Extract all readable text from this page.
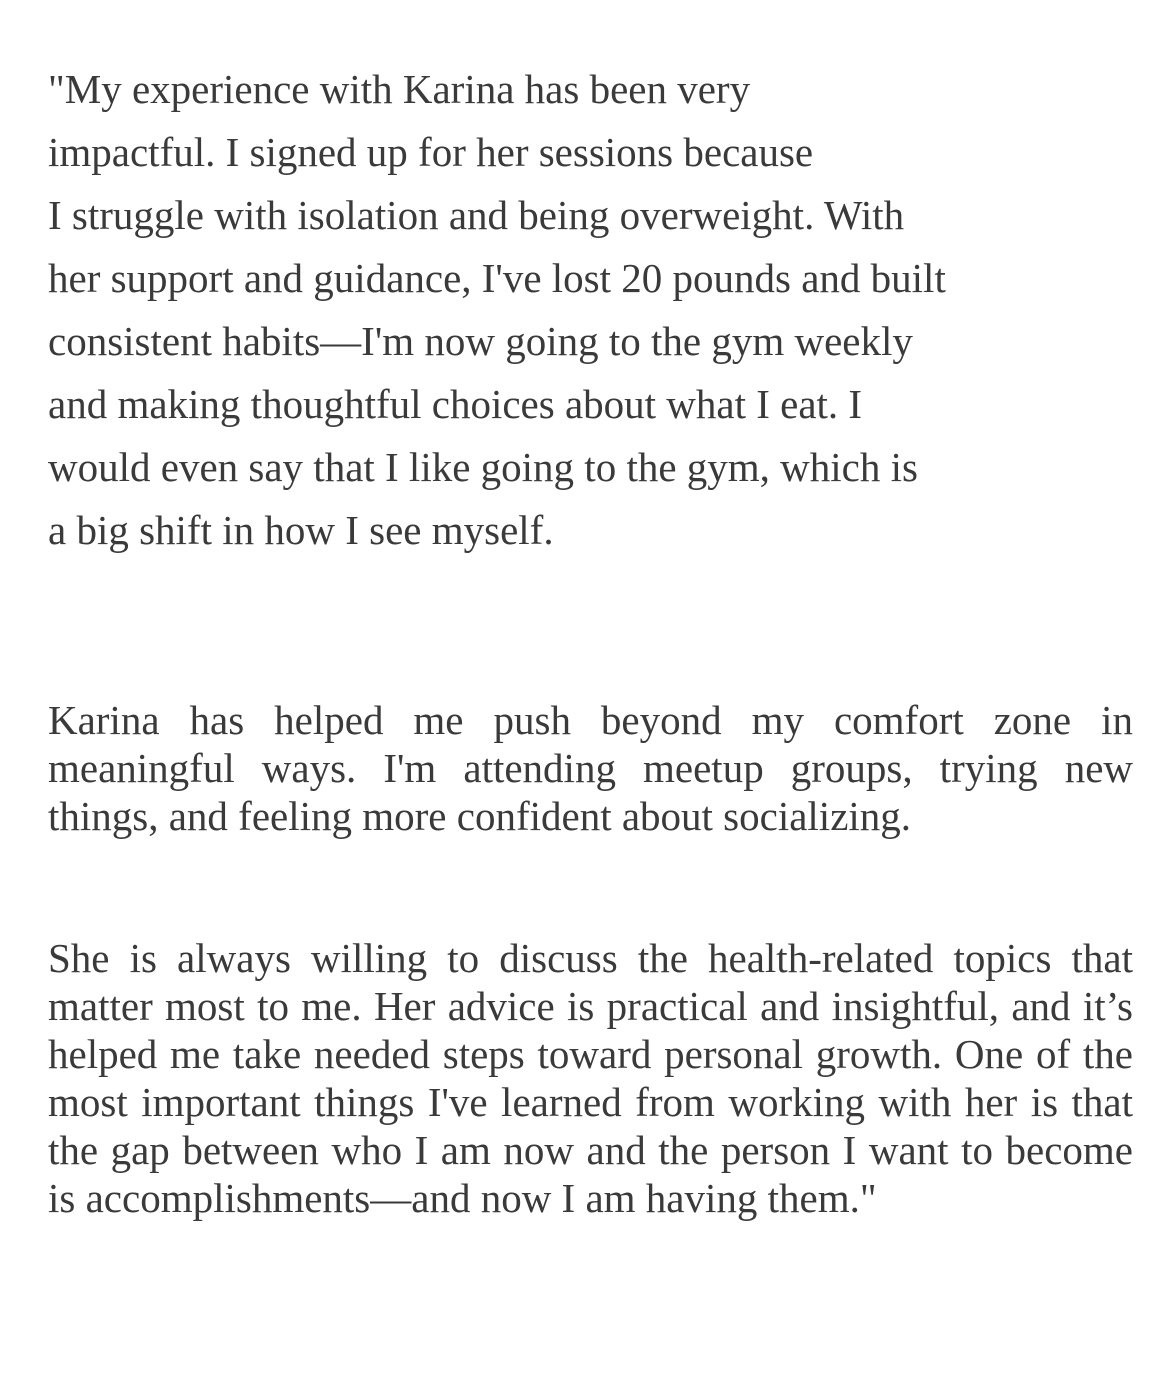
"My experience with Karina has been very
impactful. I signed up for her sessions because
I struggle with isolation and being overweight. With
her support and guidance, I've lost 20 pounds and built
consistent habits—I'm now going to the gym weekly
and making thoughtful choices about what I eat. I
would even say that I like going to the gym, which is
a big shift in how I see myself.

Karina has helped me push beyond my comfort zone in meaningful ways. I'm attending meetup groups, trying new things, and feeling more confident about socializing.

She is always willing to discuss the health-related topics that matter most to me. Her advice is practical and insightful, and it’s helped me take needed steps toward personal growth. One of the most important things I've learned from working with her is that the gap between who I am now and the person I want to become is accomplishments—and now I am having them."
